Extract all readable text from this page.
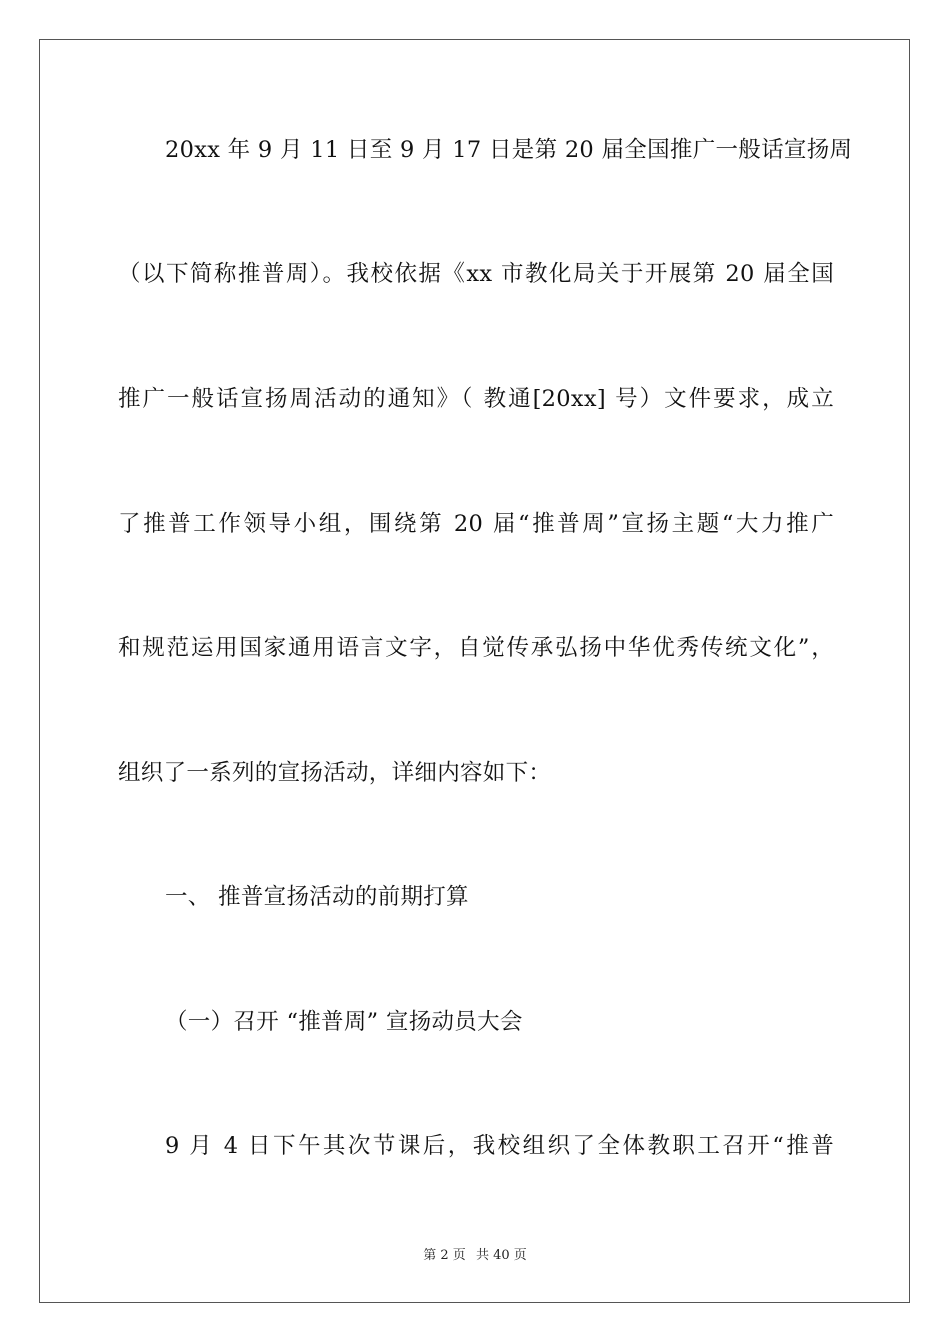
20xx 年 9 月 11 日至 9 月 17 日是第 20 届全国推广一般话宣扬周
（以下简称推普周）。我校依据《xx 市教化局关于开展第 20 届全国
推广一般话宣扬周活动的通知》（ 教通[20xx] 号）文件要求，成立
了推普工作领导小组，围绕第 20 届“推普周”宣扬主题“大力推广
和规范运用国家通用语言文字，自觉传承弘扬中华优秀传统文化”，
组织了一系列的宣扬活动，详细内容如下：
一、 推普宣扬活动的前期打算
（一）召开 “推普周” 宣扬动员大会
9 月 4 日下午其次节课后，我校组织了全体教职工召开“推普
第 2 页 共 40 页
